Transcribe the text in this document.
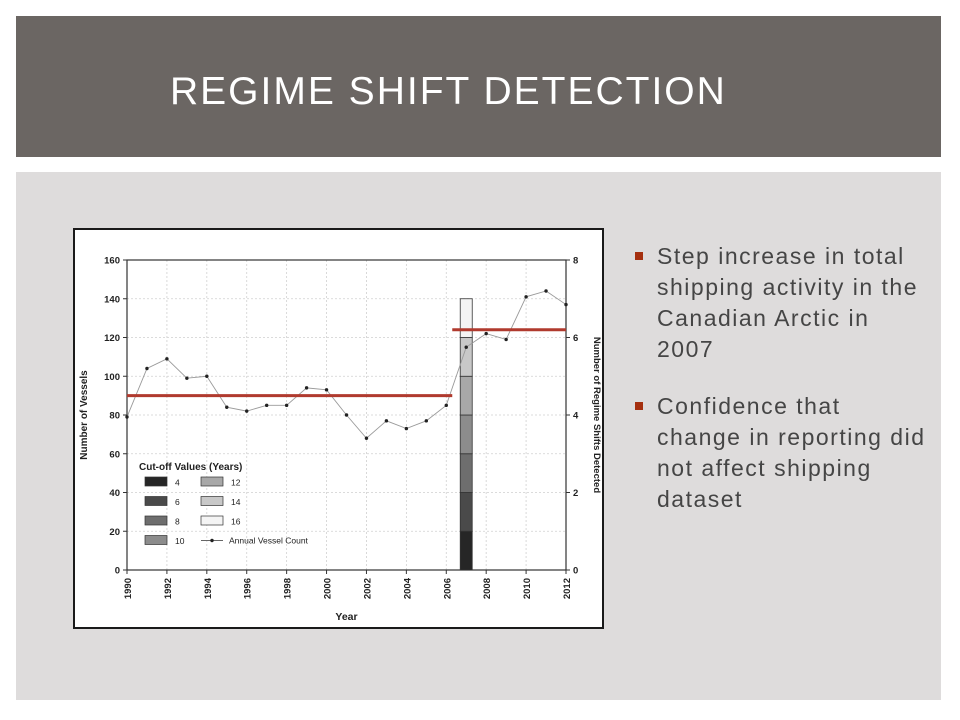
REGIME SHIFT DETECTION
1990	1992	1994	1996	1998	2000	2002	2004	2006	2008	2010	2012
0
20
40
60
80
100
120
140
160
0
2
4
6
8
Cut-off Values (Years)
4
6
8
10
12
14
16
Annual Vessel Count
Year
Number of Vessels	Number of Regime Shifts Detected
Step increase in total shipping activity in the Canadian Arctic in 2007
Confidence that change in reporting did not affect shipping dataset
